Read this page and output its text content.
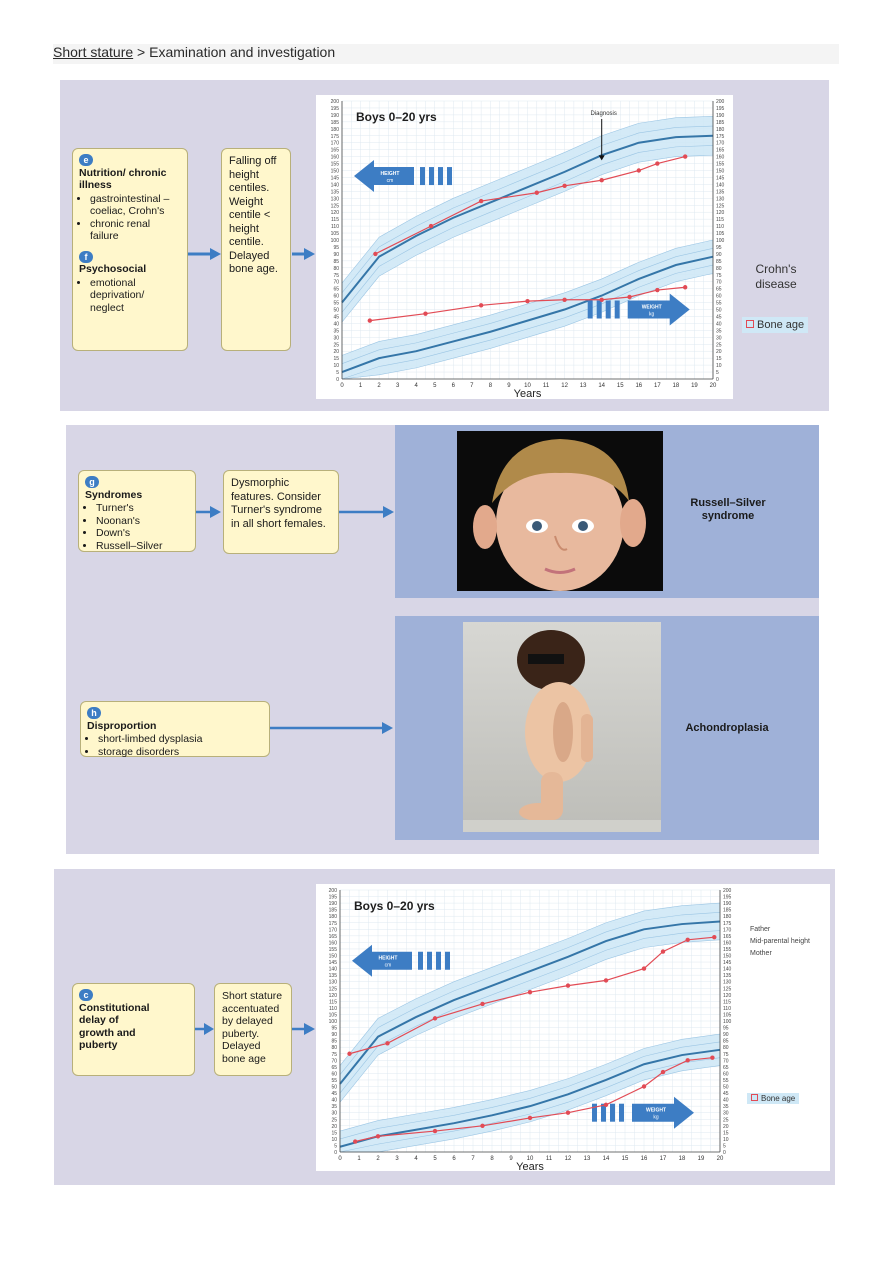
Short stature > Examination and investigation
e
Nutrition/ chronic illness
• gastrointestinal – coeliac, Crohn's
• chronic renal failure
f
Psychosocial
• emotional deprivation/ neglect
Falling off height centiles. Weight centile < height centile. Delayed bone age.
0	0
5	5
10	10
15	15
20	20
25	25
30	30
35	35
40	40
45	45
50	50
55	55
60	60
65	65
70	70
75	75
80	80
85	85
90	90
95	95
100	100
105	105
110	110
115	115
120	120
125	125
130	130
135	135
140	140
145	145
150	150
155	155
160	160
165	165
170	170
175	175
180	180
185	185
190	190
195	195
200	200
0	1	2	3	4	5	6	7	8	9 10 11 12 13 14 15 16 17 18 19 20
Years
Boys 0–20 yrs
HEIGHT
cm
WEIGHT
kg
Diagnosis
Crohn's disease
Bone age
g
Syndromes
• Turner's
• Noonan's
• Down's
• Russell–Silver
Dysmorphic features. Consider Turner's syndrome in all short females.
Russell–Silver syndrome
h
Disproportion
• short-limbed dysplasia
• storage disorders
Achondroplasia
c
Constitutional delay of growth and puberty
Short stature accentuated by delayed puberty. Delayed bone age
0	0
5	5
10	10
15	15
20	20
25	25
30	30
35	35
40	40
45	45
50	50
55	55
60	60
65	65
70	70
75	75
80	80
85	85
90	90
95	95
100	100
105	105
110	110
115	115
120	120
125	125
130	130
135	135
140	140
145	145
150	150
155	155
160	160
165	165
170	170
175	175
180	180
185	185
190	190
195	195
200	200
0	1	2	3	4	5	6	7	8	9 10 11 12 13 14 15 16 17 18 19 20
Years
Boys 0–20 yrs
HEIGHT
cm
WEIGHT
kg
Father
Mid-parental height
Mother
Bone age
